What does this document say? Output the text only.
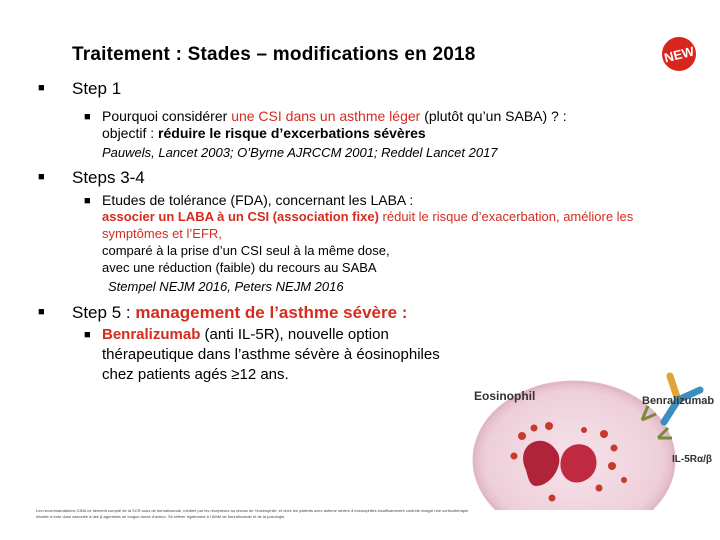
Traitement : Stades – modifications en 2018	NEW
■ Step 1
■ Pourquoi considérer une CSI dans un asthme léger (plutôt qu’un SABA) ? :
objectif : réduire le risque d’excerbations sévères
Pauwels, Lancet 2003; O’Byrne AJRCCM 2001; Reddel Lancet 2017
■ Steps 3-4
■ Etudes de tolérance (FDA), concernant les LABA :
associer un LABA à un CSI (association fixe) réduit le risque d’exacerbation, améliore les
symptômes et l’EFR,
comparé à la prise d’un CSI seul à la même dose,
avec une réduction (faible) du recours au SABA
Stempel NEJM 2016, Peters NEJM 2016
■ Step 5 : management de l’asthme sévère :
■ Benralizumab (anti IL-5R), nouvelle option
thérapeutique dans l’asthme sévère à éosinophiles
chez patients agés ≥12 ans.
Eosinophil	Benralizumab
IL-5Rα/β
Les recommandations GINA ne tiennent compte de la SCR-sous de benralizumab, médiée par les récepteurs au niveau de l’éosinophile, et chez les patients avec asthme sévère à éosinophiles insuffisamment contrôlé malgré une corticothérapie inhalée à forte dose associée à des β-agonistes de longue durée d’action. Se référer également à l’AMM de benralizumab et de la posologie.
